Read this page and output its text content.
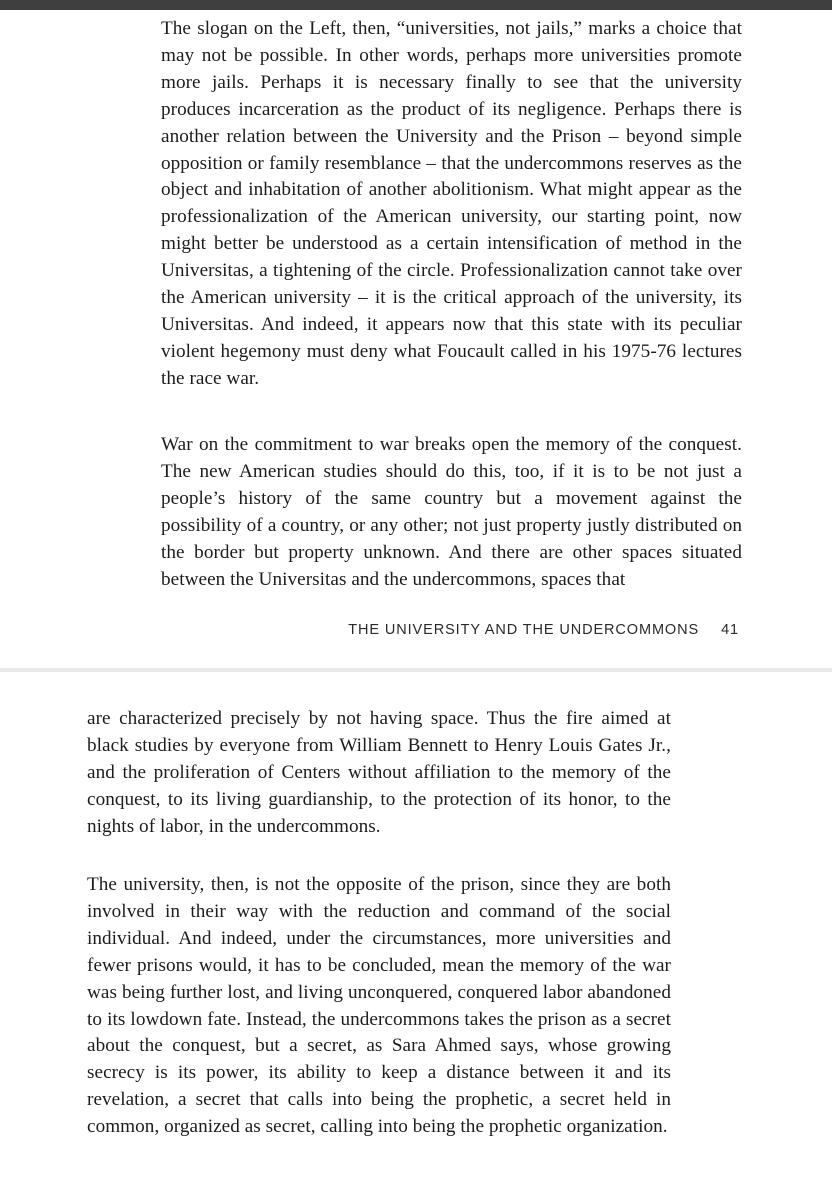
The slogan on the Left, then, “universities, not jails,” marks a choice that may not be possible. In other words, perhaps more universities promote more jails. Perhaps it is necessary finally to see that the university produces incarceration as the product of its negligence. Perhaps there is another relation between the University and the Prison – beyond simple opposition or family resemblance – that the undercommons reserves as the object and inhabitation of another abolitionism. What might appear as the professionalization of the American university, our starting point, now might better be understood as a certain intensification of method in the Universitas, a tightening of the circle. Professionalization cannot take over the American university – it is the critical approach of the university, its Universitas. And indeed, it appears now that this state with its peculiar violent hegemony must deny what Foucault called in his 1975-76 lectures the race war.

War on the commitment to war breaks open the memory of the conquest. The new American studies should do this, too, if it is to be not just a people’s history of the same country but a movement against the possibility of a country, or any other; not just property justly distributed on the border but property unknown. And there are other spaces situated between the Universitas and the undercommons, spaces that

THE UNIVERSITY AND THE UNDERCOMMONS 41

are characterized precisely by not having space. Thus the fire aimed at black studies by everyone from William Bennett to Henry Louis Gates Jr., and the proliferation of Centers without affiliation to the memory of the conquest, to its living guardianship, to the protection of its honor, to the nights of labor, in the undercommons.

The university, then, is not the opposite of the prison, since they are both involved in their way with the reduction and command of the social individual. And indeed, under the circumstances, more universities and fewer prisons would, it has to be concluded, mean the memory of the war was being further lost, and living unconquered, conquered labor abandoned to its lowdown fate. Instead, the undercommons takes the prison as a secret about the conquest, but a secret, as Sara Ahmed says, whose growing secrecy is its power, its ability to keep a distance between it and its revelation, a secret that calls into being the prophetic, a secret held in common, organized as secret, calling into being the prophetic organization.
